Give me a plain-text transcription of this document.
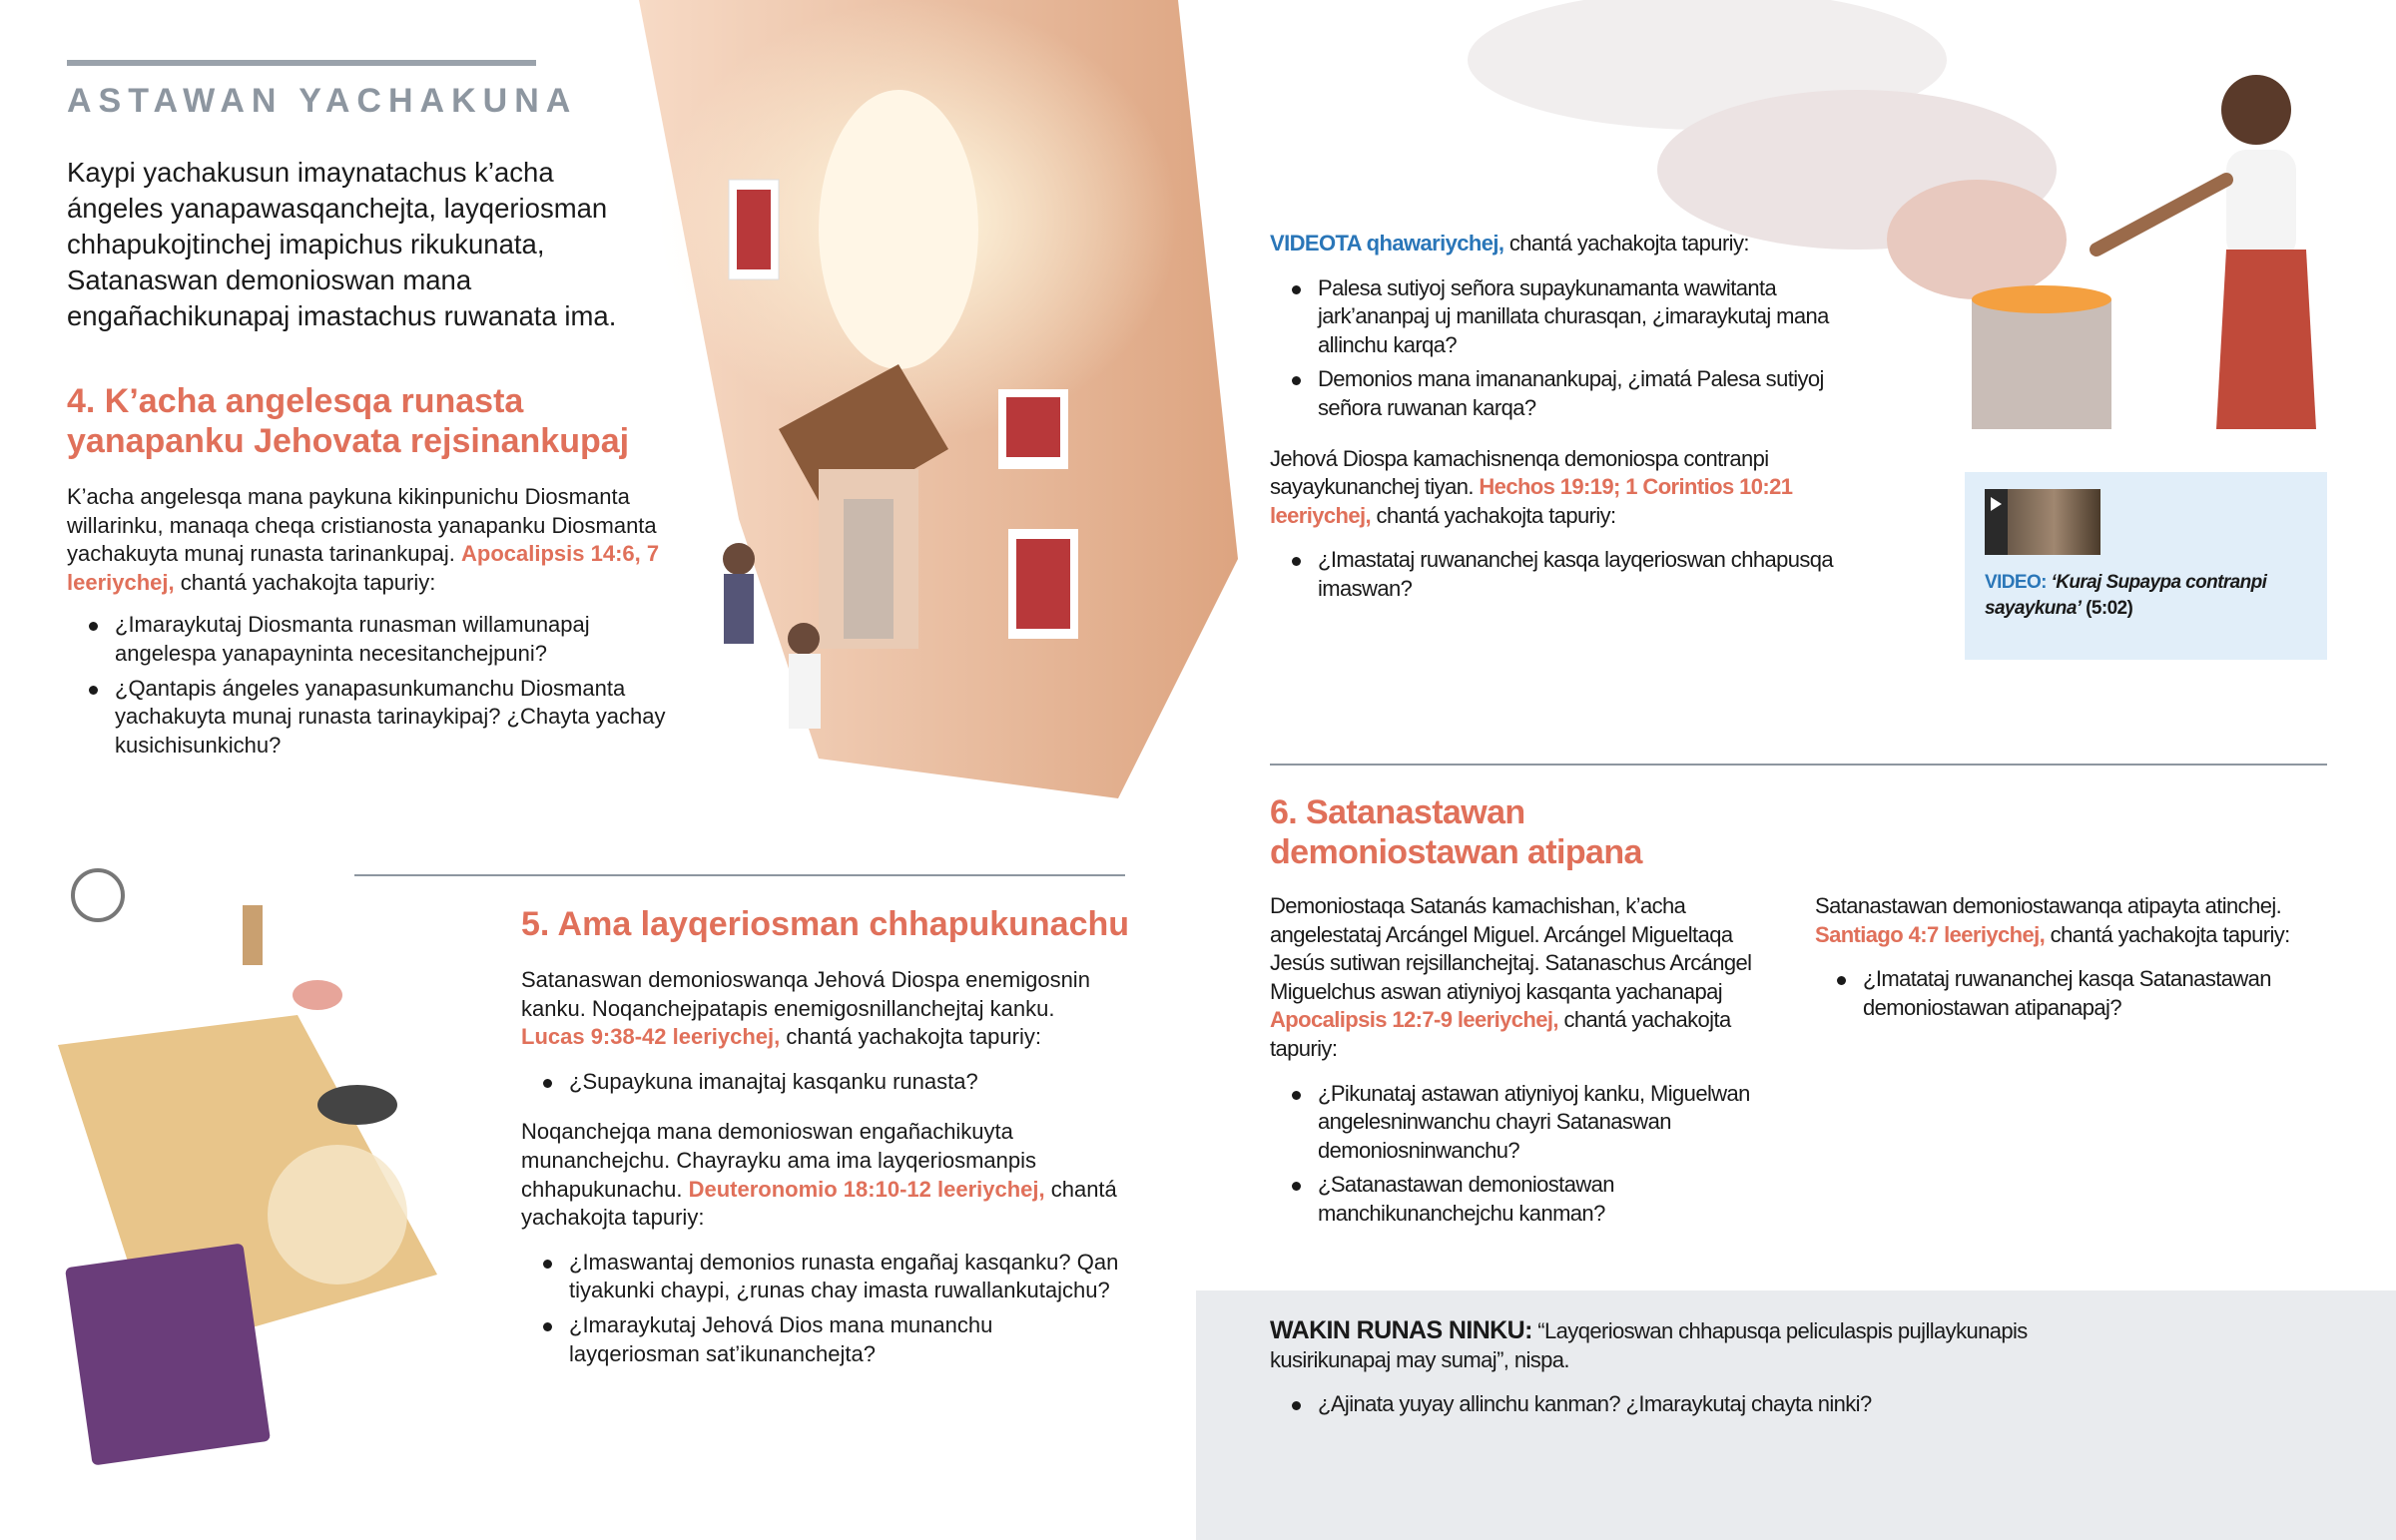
ASTAWAN YACHAKUNA
Kaypi yachakusun imaynatachus k’acha ángeles yanapawasqanchejta, layqeriosman chhapukojtinchej imapichus rikukunata, Satanaswan demonioswan mana engañachikunapaj imastachus ruwanata ima.
4. K’acha angelesqa runasta yanapanku Jehovata rejsinankupaj
K’acha angelesqa mana paykuna kikinpunichu Diosmanta willarinku, manaqa cheqa cristianosta yanapanku Diosmanta yachakuyta munaj runasta tarinankupaj. Apocalipsis 14:6, 7 leeriychej, chantá yachakojta tapuriy:
¿Imaraykutaj Diosmanta runasman willamunapaj angelespa yanapayninta necesitanchejpuni?
¿Qantapis ángeles yanapasunkumanchu Diosmanta yachakuyta munaj runasta tarinaykipaj? ¿Chayta yachay kusichisunkichu?
5. Ama layqeriosman chhapukunachu
Satanaswan demonioswanqa Jehová Diospa enemigosnin kanku. Noqanchejpatapis enemigosnillanchejtaj kanku. Lucas 9:38-42 leeriychej, chantá yachakojta tapuriy:
¿Supaykuna imanajtaj kasqanku runasta?
Noqanchejqa mana demonioswan engañachikuyta munanchejchu. Chayrayku ama ima layqeriosmanpis chhapukunachu. Deuteronomio 18:10-12 leeriychej, chantá yachakojta tapuriy:
¿Imaswantaj demonios runasta engañaj kasqanku? Qan tiyakunki chaypi, ¿runas chay imasta ruwallankutajchu?
¿Imaraykutaj Jehová Dios mana munanchu layqeriosman sat’ikunanchejta?
VIDEOTA qhawariychej, chantá yachakojta tapuriy:
Palesa sutiyoj señora supaykunamanta wawitanta jark’ananpaj uj manillata churasqan, ¿imaraykutaj mana allinchu karqa?
Demonios mana imananankupaj, ¿imatá Palesa sutiyoj señora ruwanan karqa?
Jehová Diospa kamachisnenqa demoniospa contranpi sayaykunanchej tiyan. Hechos 19:19; 1 Corintios 10:21 leeriychej, chantá yachakojta tapuriy:
¿Imastataj ruwananchej kasqa layqerioswan chhapusqa imaswan?	VIDEO: ‘Kuraj Supaypa contranpi sayaykuna’ (5:02)
6. Satanastawan demoniostawan atipana
Demoniostaqa Satanás kamachishan, k’acha angelestataj Arcángel Miguel. Arcángel Migueltaqa Jesús sutiwan rejsillanchejtaj. Satanaschus Arcángel Miguelchus aswan atiyniyoj kasqanta yachanapaj Apocalipsis 12:7-9 leeriychej, chantá yachakojta tapuriy:
¿Pikunataj astawan atiyniyoj kanku, Miguelwan angelesninwanchu chayri Satanaswan demoniosninwanchu?
¿Satanastawan demoniostawan manchikunanchejchu kanman?
Satanastawan demoniostawanqa atipayta atinchej. Santiago 4:7 leeriychej, chantá yachakojta tapuriy:
¿Imatataj ruwananchej kasqa Satanastawan demoniostawan atipanapaj?
WAKIN RUNAS NINKU: “Layqerioswan chhapusqa peliculaspis pujllaykunapis kusirikunapaj may sumaj”, nispa.
¿Ajinata yuyay allinchu kanman? ¿Imaraykutaj chayta ninki?
